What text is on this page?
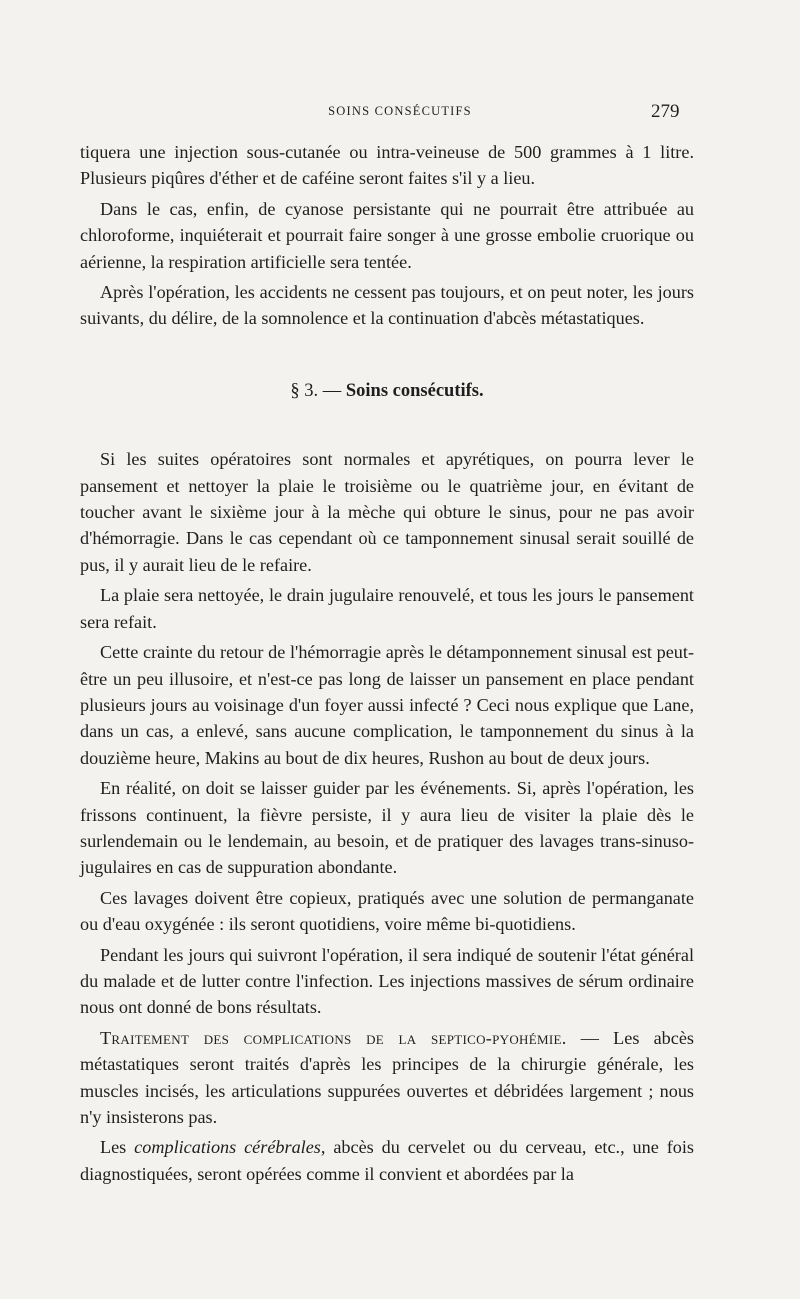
SOINS CONSÉCUTIFS	279

tiquera une injection sous-cutanée ou intra-veineuse de 500 grammes à 1 litre. Plusieurs piqûres d'éther et de caféine seront faites s'il y a lieu.

Dans le cas, enfin, de cyanose persistante qui ne pourrait être attribuée au chloroforme, inquiéterait et pourrait faire songer à une grosse embolie cruorique ou aérienne, la respiration artificielle sera tentée.

Après l'opération, les accidents ne cessent pas toujours, et on peut noter, les jours suivants, du délire, de la somnolence et la continuation d'abcès métastatiques.

§ 3. — Soins consécutifs.

Si les suites opératoires sont normales et apyrétiques, on pourra lever le pansement et nettoyer la plaie le troisième ou le quatrième jour, en évitant de toucher avant le sixième jour à la mèche qui obture le sinus, pour ne pas avoir d'hémorragie. Dans le cas cependant où ce tamponnement sinusal serait souillé de pus, il y aurait lieu de le refaire.

La plaie sera nettoyée, le drain jugulaire renouvelé, et tous les jours le pansement sera refait.

Cette crainte du retour de l'hémorragie après le détamponnement sinusal est peut-être un peu illusoire, et n'est-ce pas long de laisser un pansement en place pendant plusieurs jours au voisinage d'un foyer aussi infecté ? Ceci nous explique que Lane, dans un cas, a enlevé, sans aucune complication, le tamponnement du sinus à la douzième heure, Makins au bout de dix heures, Rushon au bout de deux jours.

En réalité, on doit se laisser guider par les événements. Si, après l'opération, les frissons continuent, la fièvre persiste, il y aura lieu de visiter la plaie dès le surlendemain ou le lendemain, au besoin, et de pratiquer des lavages trans-sinuso-jugulaires en cas de suppuration abondante.

Ces lavages doivent être copieux, pratiqués avec une solution de permanganate ou d'eau oxygénée : ils seront quotidiens, voire même bi-quotidiens.

Pendant les jours qui suivront l'opération, il sera indiqué de soutenir l'état général du malade et de lutter contre l'infection. Les injections massives de sérum ordinaire nous ont donné de bons résultats.

Traitement des complications de la septico-pyohémie. — Les abcès métastatiques seront traités d'après les principes de la chirurgie générale, les muscles incisés, les articulations suppurées ouvertes et débridées largement ; nous n'y insisterons pas.

Les complications cérébrales, abcès du cervelet ou du cerveau, etc., une fois diagnostiquées, seront opérées comme il convient et abordées par la
